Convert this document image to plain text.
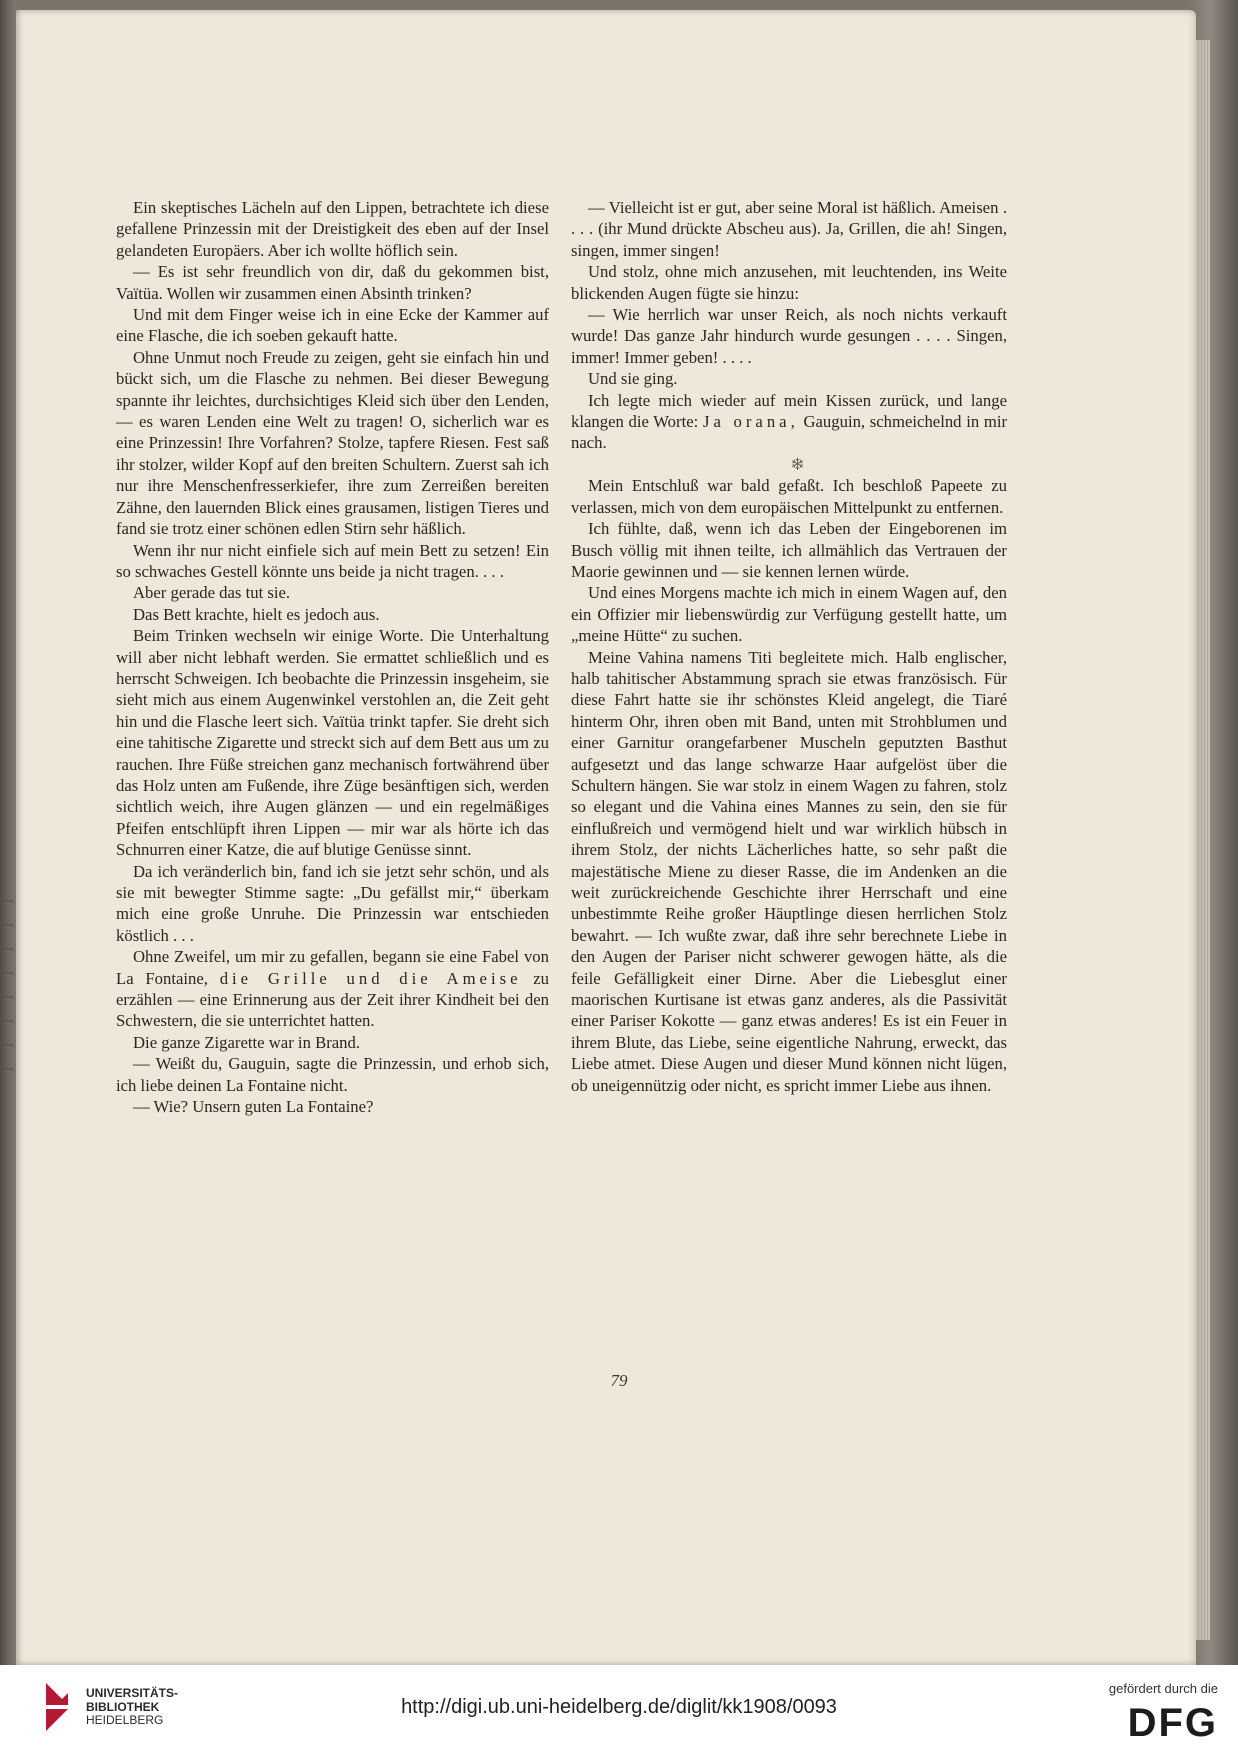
Ein skeptisches Lächeln auf den Lippen, betrachtete ich diese gefallene Prinzessin mit der Dreistigkeit des eben auf der Insel gelandeten Europäers. Aber ich wollte höflich sein.

— Es ist sehr freundlich von dir, daß du gekommen bist, Vaïtüa. Wollen wir zusammen einen Absinth trinken?

Und mit dem Finger weise ich in eine Ecke der Kammer auf eine Flasche, die ich soeben gekauft hatte.

Ohne Unmut noch Freude zu zeigen, geht sie einfach hin und bückt sich, um die Flasche zu nehmen. Bei dieser Bewegung spannte ihr leichtes, durchsichtiges Kleid sich über den Lenden, — es waren Lenden eine Welt zu tragen! O, sicherlich war es eine Prinzessin! Ihre Vorfahren? Stolze, tapfere Riesen. Fest saß ihr stolzer, wilder Kopf auf den breiten Schultern. Zuerst sah ich nur ihre Menschenfresserkiefer, ihre zum Zerreißen bereiten Zähne, den lauernden Blick eines grausamen, listigen Tieres und fand sie trotz einer schönen edlen Stirn sehr häßlich.

Wenn ihr nur nicht einfiele sich auf mein Bett zu setzen! Ein so schwaches Gestell könnte uns beide ja nicht tragen. . . .

Aber gerade das tut sie.

Das Bett krachte, hielt es jedoch aus.

Beim Trinken wechseln wir einige Worte. Die Unterhaltung will aber nicht lebhaft werden. Sie ermattet schließlich und es herrscht Schweigen. Ich beobachte die Prinzessin insgeheim, sie sieht mich aus einem Augenwinkel verstohlen an, die Zeit geht hin und die Flasche leert sich. Vaïtüa trinkt tapfer. Sie dreht sich eine tahitische Zigarette und streckt sich auf dem Bett aus um zu rauchen. Ihre Füße streichen ganz mechanisch fortwährend über das Holz unten am Fußende, ihre Züge besänftigen sich, werden sichtlich weich, ihre Augen glänzen — und ein regelmäßiges Pfeifen entschlüpft ihren Lippen — mir war als hörte ich das Schnurren einer Katze, die auf blutige Genüsse sinnt.

Da ich veränderlich bin, fand ich sie jetzt sehr schön, und als sie mit bewegter Stimme sagte: „Du gefällst mir,“ überkam mich eine große Unruhe. Die Prinzessin war entschieden köstlich . . .

Ohne Zweifel, um mir zu gefallen, begann sie eine Fabel von La Fontaine, die Grille und die Ameise zu erzählen — eine Erinnerung aus der Zeit ihrer Kindheit bei den Schwestern, die sie unterrichtet hatten.

Die ganze Zigarette war in Brand.

— Weißt du, Gauguin, sagte die Prinzessin, und erhob sich, ich liebe deinen La Fontaine nicht.

— Wie? Unsern guten La Fontaine?

— Vielleicht ist er gut, aber seine Moral ist häßlich. Ameisen . . . . (ihr Mund drückte Abscheu aus). Ja, Grillen, die ah! Singen, singen, immer singen!

Und stolz, ohne mich anzusehen, mit leuchtenden, ins Weite blickenden Augen fügte sie hinzu:

— Wie herrlich war unser Reich, als noch nichts verkauft wurde! Das ganze Jahr hindurch wurde gesungen . . . . Singen, immer! Immer geben! . . . .

Und sie ging.

Ich legte mich wieder auf mein Kissen zurück, und lange klangen die Worte: Ja orana, Gauguin, schmeichelnd in mir nach.

❄

Mein Entschluß war bald gefaßt. Ich beschloß Papeete zu verlassen, mich von dem europäischen Mittelpunkt zu entfernen.

Ich fühlte, daß, wenn ich das Leben der Eingeborenen im Busch völlig mit ihnen teilte, ich allmählich das Vertrauen der Maorie gewinnen und — sie kennen lernen würde.

Und eines Morgens machte ich mich in einem Wagen auf, den ein Offizier mir liebenswürdig zur Verfügung gestellt hatte, um „meine Hütte“ zu suchen.

Meine Vahina namens Titi begleitete mich. Halb englischer, halb tahitischer Abstammung sprach sie etwas französisch. Für diese Fahrt hatte sie ihr schönstes Kleid angelegt, die Tiaré hinterm Ohr, ihren oben mit Band, unten mit Strohblumen und einer Garnitur orangefarbener Muscheln geputzten Basthut aufgesetzt und das lange schwarze Haar aufgelöst über die Schultern hängen. Sie war stolz in einem Wagen zu fahren, stolz so elegant und die Vahina eines Mannes zu sein, den sie für einflußreich und vermögend hielt und war wirklich hübsch in ihrem Stolz, der nichts Lächerliches hatte, so sehr paßt die majestätische Miene zu dieser Rasse, die im Andenken an die weit zurückreichende Geschichte ihrer Herrschaft und eine unbestimmte Reihe großer Häuptlinge diesen herrlichen Stolz bewahrt. — Ich wußte zwar, daß ihre sehr berechnete Liebe in den Augen der Pariser nicht schwerer gewogen hätte, als die feile Gefälligkeit einer Dirne. Aber die Liebesglut einer maorischen Kurtisane ist etwas ganz anderes, als die Passivität einer Pariser Kokotte — ganz etwas anderes! Es ist ein Feuer in ihrem Blute, das Liebe, seine eigentliche Nahrung, erweckt, das Liebe atmet. Diese Augen und dieser Mund können nicht lügen, ob uneigennützig oder nicht, es spricht immer Liebe aus ihnen.

79
UNIVERSITÄTS-
BIBLIOTHEK
HEIDELBERG
http://digi.ub.uni-heidelberg.de/diglit/kk1908/0093
gefördert durch die
DFG
